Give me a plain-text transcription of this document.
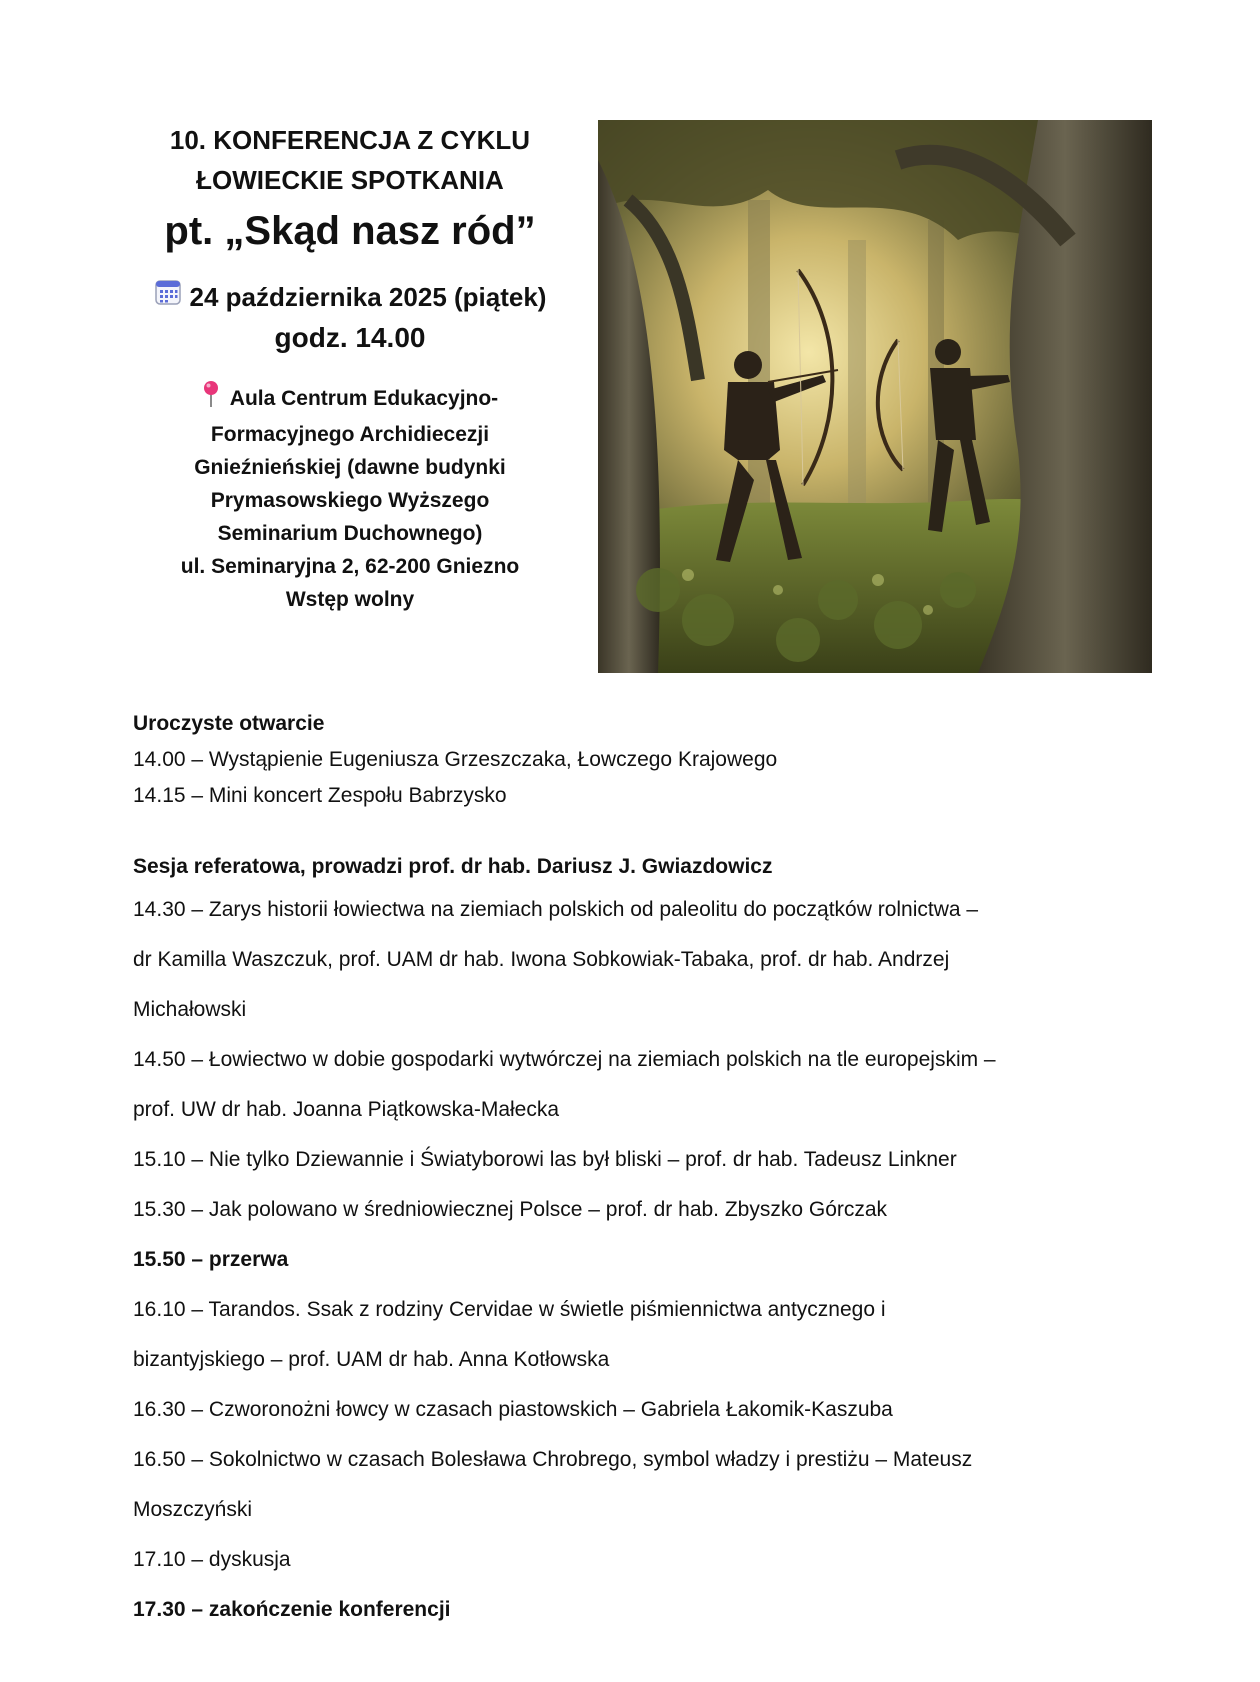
10. KONFERENCJA Z CYKLU
ŁOWIECKIE SPOTKANIA
pt. „Skąd nasz ród”
24 października 2025 (piątek)
godz. 14.00
Aula Centrum Edukacyjno-
Formacyjnego Archidiecezji
Gnieźnieńskiej (dawne budynki
Prymasowskiego Wyższego
Seminarium Duchownego)
ul. Seminaryjna 2, 62-200 Gniezno
Wstęp wolny
Uroczyste otwarcie
14.00 – Wystąpienie Eugeniusza Grzeszczaka, Łowczego Krajowego
14.15 – Mini koncert Zespołu Babrzysko
Sesja referatowa, prowadzi prof. dr hab. Dariusz J. Gwiazdowicz
14.30 – Zarys historii łowiectwa na ziemiach polskich od paleolitu do początków rolnictwa –
dr Kamilla Waszczuk, prof. UAM dr hab. Iwona Sobkowiak-Tabaka, prof. dr hab. Andrzej
Michałowski
14.50 – Łowiectwo w dobie gospodarki wytwórczej na ziemiach polskich na tle europejskim –
prof. UW dr hab. Joanna Piątkowska-Małecka
15.10 – Nie tylko Dziewannie i Światyborowi las był bliski – prof. dr hab. Tadeusz Linkner
15.30 – Jak polowano w średniowiecznej Polsce – prof. dr hab. Zbyszko Górczak
15.50 – przerwa
16.10 – Tarandos. Ssak z rodziny Cervidae w świetle piśmiennictwa antycznego i
bizantyjskiego – prof. UAM dr hab. Anna Kotłowska
16.30 – Czworonożni łowcy w czasach piastowskich – Gabriela Łakomik-Kaszuba
16.50 – Sokolnictwo w czasach Bolesława Chrobrego, symbol władzy i prestiżu – Mateusz
Moszczyński
17.10 – dyskusja
17.30 – zakończenie konferencji
